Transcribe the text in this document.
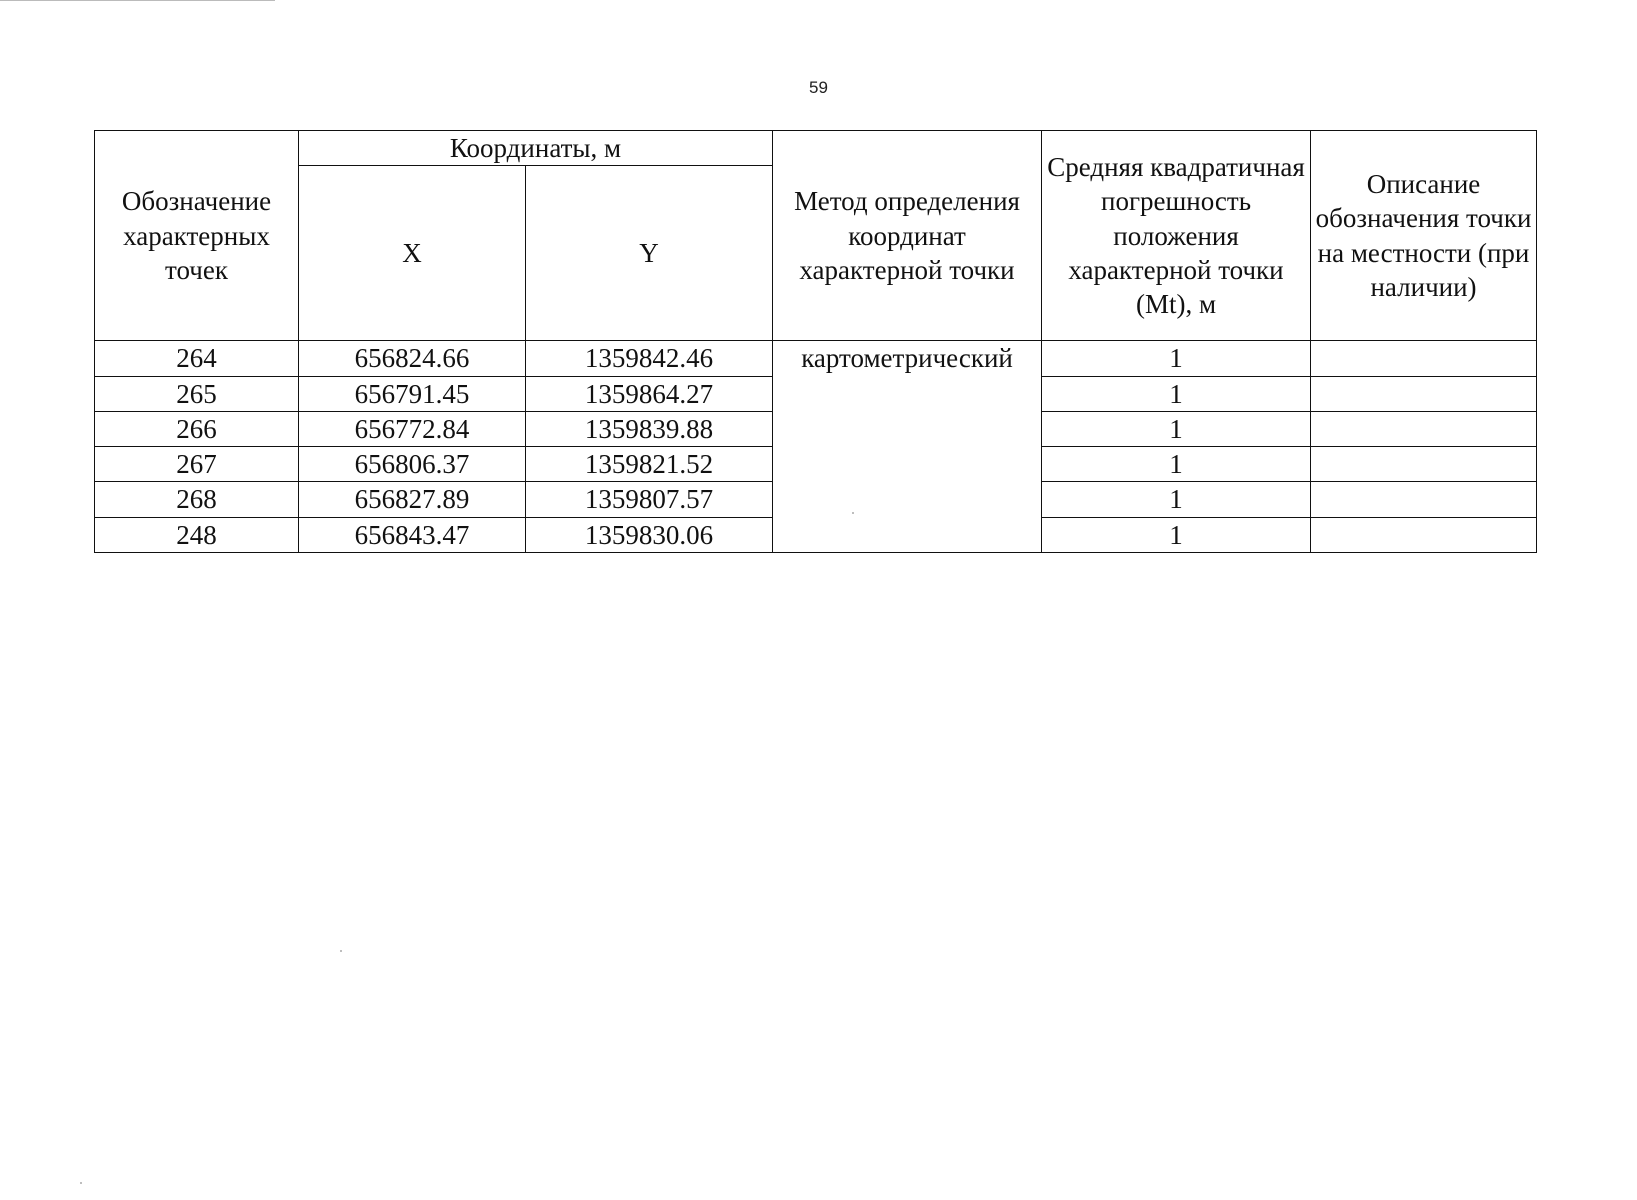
59
Обозначение характерных точек	Координаты, м		Метод определения координат характерной точки	Средняя квадратичная погрешность положения характерной точки (Mt), м	Описание обозначения точки на местности (при наличии)
	X	Y			
264	656824.66	1359842.46	картометрический	1	
265	656791.45	1359864.27		1	
266	656772.84	1359839.88		1	
267	656806.37	1359821.52		1	
268	656827.89	1359807.57		1	
248	656843.47	1359830.06		1	
